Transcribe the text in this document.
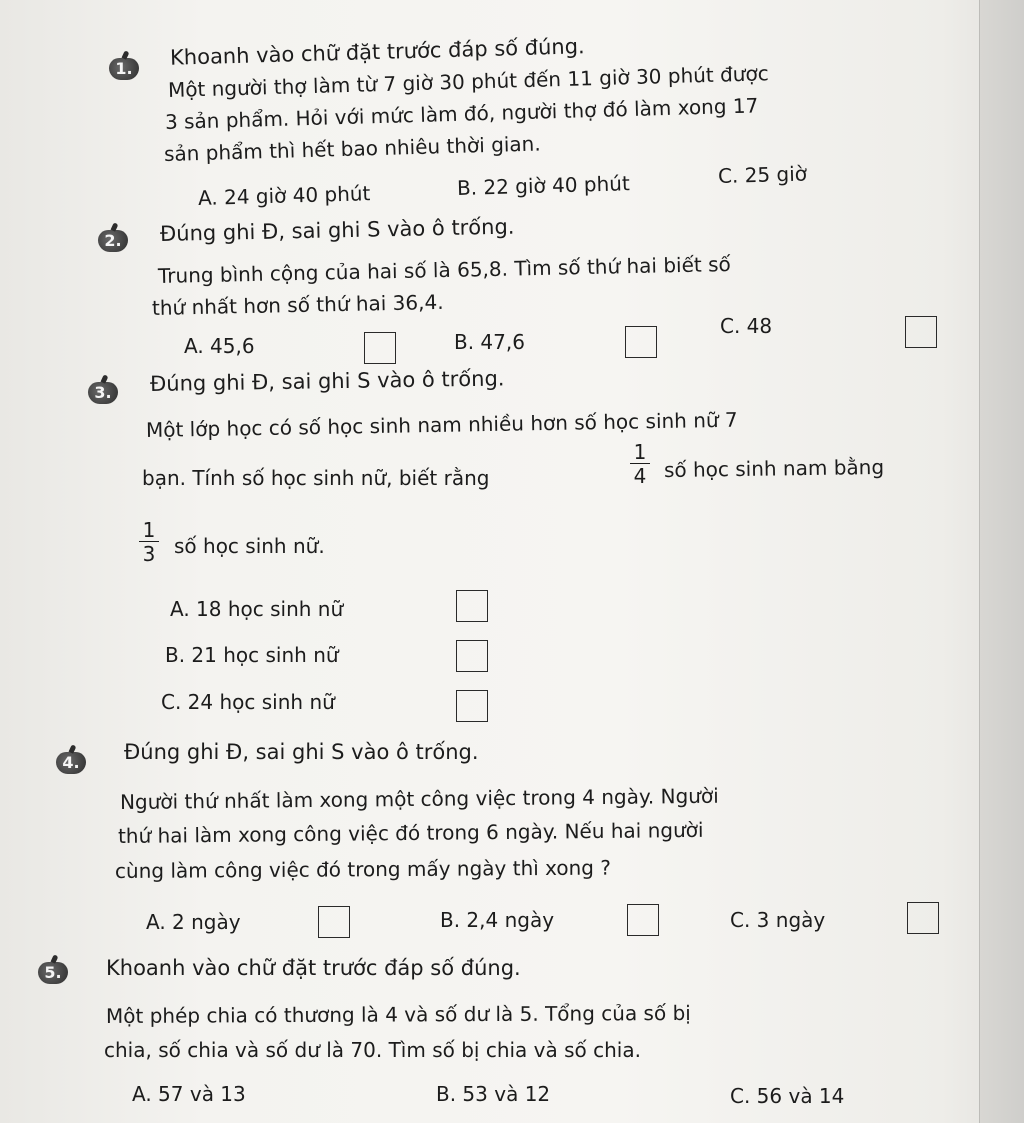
1.	Khoanh vào chữ đặt trước đáp số đúng.
Một người thợ làm từ 7 giờ 30 phút đến 11 giờ 30 phút được
3 sản phẩm. Hỏi với mức làm đó, người thợ đó làm xong 17
sản phẩm thì hết bao nhiêu thời gian.
A. 24 giờ 40 phút	B. 22 giờ 40 phút	C. 25 giờ
2.	Đúng ghi Đ, sai ghi S vào ô trống.
Trung bình cộng của hai số là 65,8. Tìm số thứ hai biết số
thứ nhất hơn số thứ hai 36,4.
A. 45,6	B. 47,6
C. 48
3.	Đúng ghi Đ, sai ghi S vào ô trống.
Một lớp học có số học sinh nam nhiều hơn số học sinh nữ 7
bạn. Tính số học sinh nữ, biết rằng	$\frac{1}{4}$ số học sinh nam bằng
$\frac{1}{3}$ số học sinh nữ.
A. 18 học sinh nữ
B. 21 học sinh nữ
C. 24 học sinh nữ
4.	Đúng ghi Đ, sai ghi S vào ô trống.
Người thứ nhất làm xong một công việc trong 4 ngày. Người
thứ hai làm xong công việc đó trong 6 ngày. Nếu hai người
cùng làm công việc đó trong mấy ngày thì xong ?
A. 2 ngày	B. 2,4 ngày	C. 3 ngày
5.	Khoanh vào chữ đặt trước đáp số đúng.
Một phép chia có thương là 4 và số dư là 5. Tổng của số bị
chia, số chia và số dư là 70. Tìm số bị chia và số chia.
A. 57 và 13	B. 53 và 12	C. 56 và 14
